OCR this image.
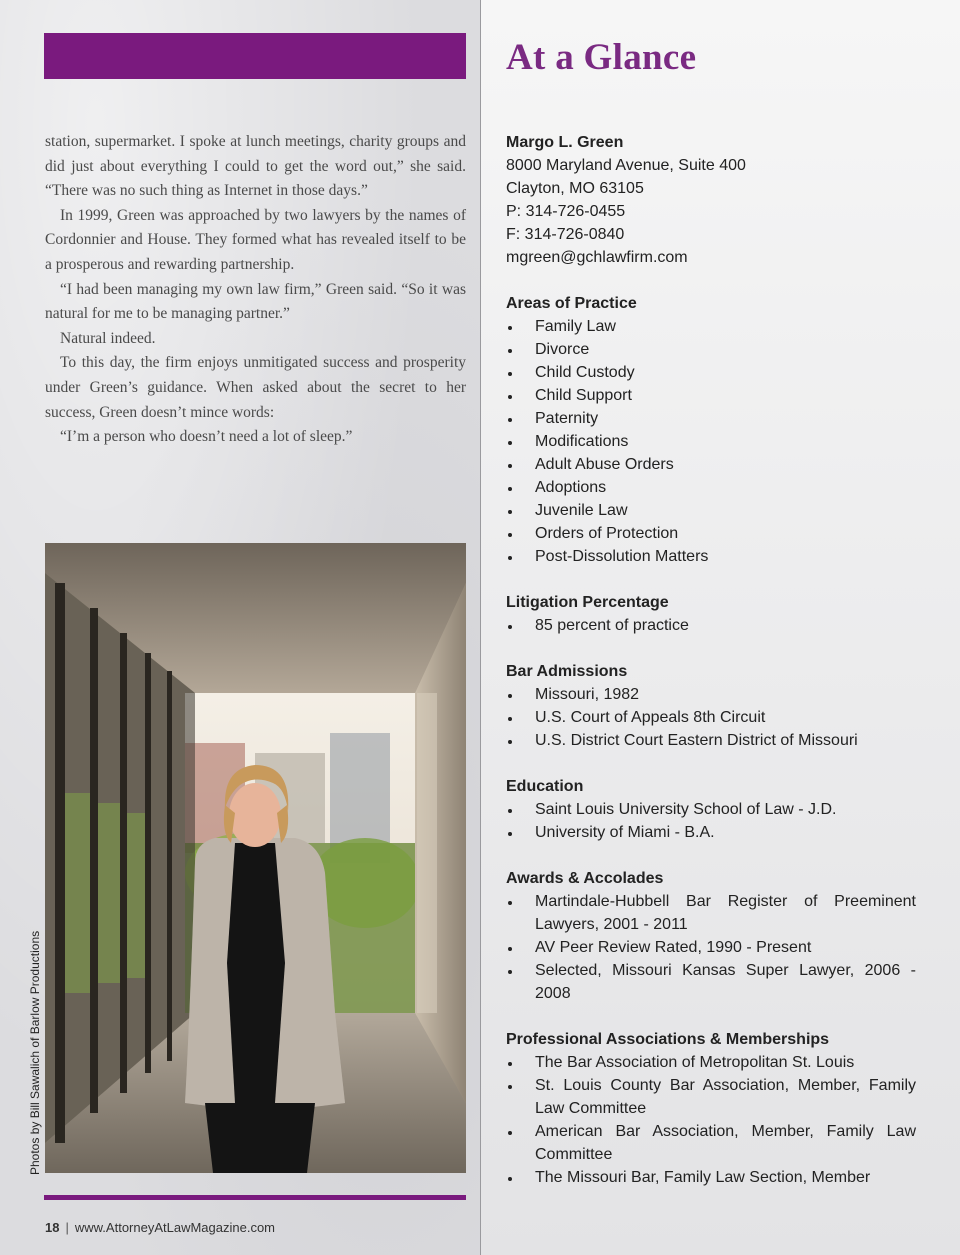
station, supermarket. I spoke at lunch meetings, charity groups and did just about everything I could to get the word out,” she said. “There was no such thing as Internet in those days.”

In 1999, Green was approached by two lawyers by the names of Cordonnier and House. They formed what has revealed itself to be a prosperous and rewarding partnership.

“I had been managing my own law firm,” Green said. “So it was natural for me to be managing partner.”

Natural indeed.

To this day, the firm enjoys unmitigated success and prosperity under Green’s guidance. When asked about the secret to her success, Green doesn’t mince words:

“I’m a person who doesn’t need a lot of sleep.”

Photos by Bill Sawalich of Barlow Productions
18 | www.AttorneyAtLawMagazine.com
At a Glance

Margo L. Green

8000 Maryland Avenue, Suite 400

Clayton, MO 63105

P: 314-726-0455

F: 314-726-0840

mgreen@gchlawfirm.com

Areas of Practice

Family Law
Divorce
Child Custody
Child Support
Paternity
Modifications
Adult Abuse Orders
Adoptions
Juvenile Law
Orders of Protection
Post-Dissolution Matters

Litigation Percentage

85 percent of practice

Bar Admissions

Missouri, 1982
U.S. Court of Appeals 8th Circuit
U.S. District Court Eastern District of Missouri

Education

Saint Louis University School of Law - J.D.
University of Miami - B.A.

Awards & Accolades

Martindale-Hubbell Bar Register of Preeminent Lawyers, 2001 - 2011
AV Peer Review Rated, 1990 - Present
Selected, Missouri Kansas Super Lawyer, 2006 - 2008

Professional Associations & Memberships

The Bar Association of Metropolitan St. Louis
St. Louis County Bar Association, Member, Family Law Committee
American Bar Association, Member, Family Law Committee
The Missouri Bar, Family Law Section, Member
